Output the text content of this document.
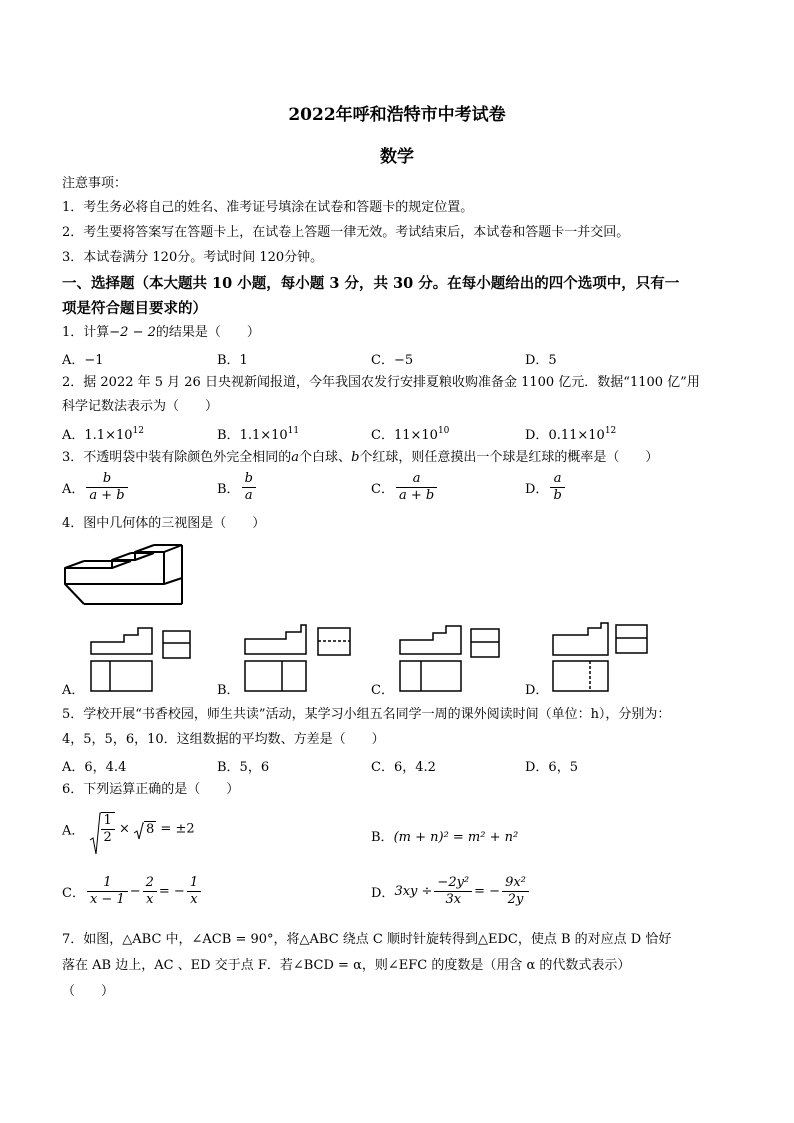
2022年呼和浩特市中考试卷
数学
注意事项：
1．考生务必将自己的姓名、准考证号填涂在试卷和答题卡的规定位置。
2．考生要将答案写在答题卡上，在试卷上答题一律无效。考试结束后，本试卷和答题卡一并交回。
3．本试卷满分 120分。考试时间 120分钟。
一、选择题（本大题共 10 小题，每小题 3 分，共 30 分。在每小题给出的四个选项中，只有一
项是符合题目要求的）
1．计算−2 − 2的结果是（　　）
A．−1	B．1	C．−5	D．5
2．据 2022 年 5 月 26 日央视新闻报道，今年我国农发行安排夏粮收购准备金 1100 亿元．数据“1100 亿”用
科学记数法表示为（　　）
A．$1.1\times 10^{12}$	B．$1.1\times 10^{11}$	C．$11\times 10^{10}$	D．$0.11\times 10^{12}$
3．不透明袋中装有除颜色外完全相同的a个白球、b个红球，则任意摸出一个球是红球的概率是（　　）
A． $\frac{b}{a + b}$	B． $\frac{b}{a}$	C． $\frac{a}{a + b}$	D． $\frac{a}{b}$
4．图中几何体的三视图是（　　）
A．	B．	C．	D．
5．学校开展“书香校园，师生共读”活动，某学习小组五名同学一周的课外阅读时间（单位：h），分别为：
4，5，5，6，10．这组数据的平均数、方差是（　　）
A．6，4.4	B．5，6	C．6，4.2	D．6，5
6．下列运算正确的是（　　）
A． $\frac{1}{2} \times 8 = \pm 2$
B．(m + n)² = m² + n²
C． $\frac{1}{x - 1} - \frac{2}{x}$ = − $\frac{1}{x}$	D．$3xy \div \frac{\text{−2y²}}{3x}$ = − $\frac{\text{9x²}}{2y}$
7．如图，△ABC 中，∠ACB = 90°，将△ABC 绕点 C 顺时针旋转得到△EDC，使点 B 的对应点 D 恰好
落在 AB 边上，AC 、ED 交于点 F．若∠BCD = α，则∠EFC 的度数是（用含 α 的代数式表示）
（　　）
